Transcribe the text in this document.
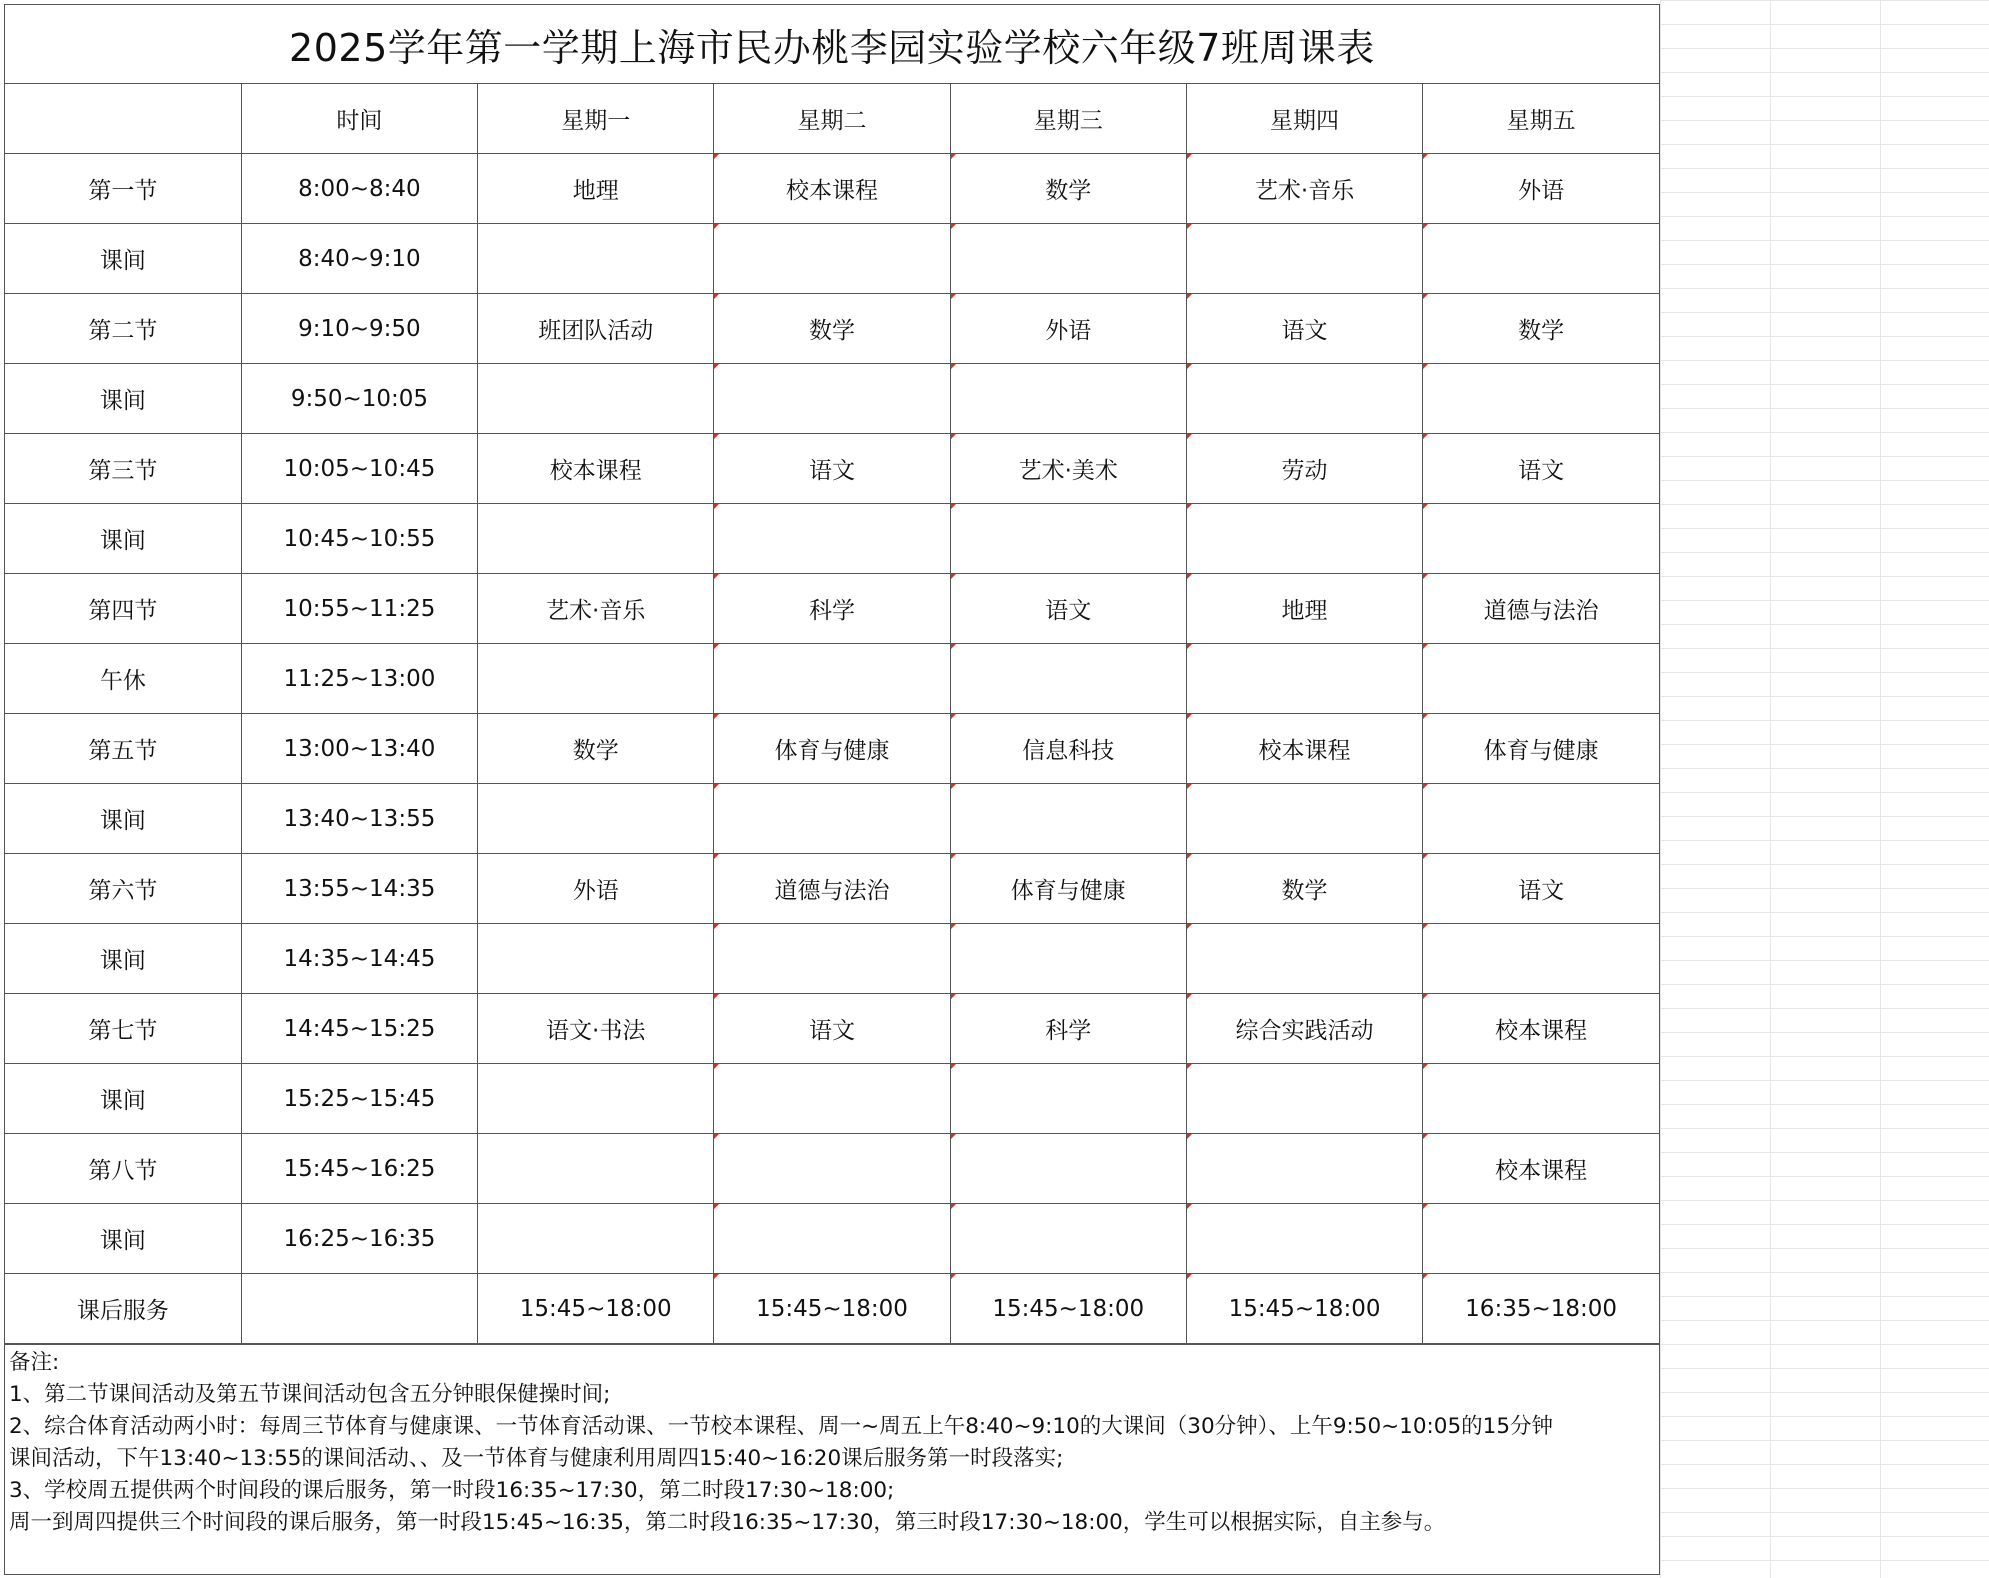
2025学年第一学期上海市民办桃李园实验学校六年级7班周课表
	时间	星期一	星期二	星期三	星期四	星期五
第一节	8:00~8:40	地理	校本课程	数学	艺术·音乐	外语
课间	8:40~9:10					
第二节	9:10~9:50	班团队活动	数学	外语	语文	数学
课间	9:50~10:05					
第三节	10:05~10:45	校本课程	语文	艺术·美术	劳动	语文
课间	10:45~10:55					
第四节	10:55~11:25	艺术·音乐	科学	语文	地理	道德与法治
午休	11:25~13:00					
第五节	13:00~13:40	数学	体育与健康	信息科技	校本课程	体育与健康
课间	13:40~13:55					
第六节	13:55~14:35	外语	道德与法治	体育与健康	数学	语文
课间	14:35~14:45					
第七节	14:45~15:25	语文·书法	语文	科学	综合实践活动	校本课程
课间	15:25~15:45					
第八节	15:45~16:25					校本课程
课间	16:25~16:35					
课后服务		15:45~18:00	15:45~18:00	15:45~18:00	15:45~18:00	16:35~18:00
备注:
1、第二节课间活动及第五节课间活动包含五分钟眼保健操时间;
2、综合体育活动两小时：每周三节体育与健康课、一节体育活动课、一节校本课程、周一~周五上午8:40~9:10的大课间（30分钟）、上午9:50~10:05的15分钟
课间活动，下午13:40~13:55的课间活动、、及一节体育与健康利用周四15:40~16:20课后服务第一时段落实;
3、学校周五提供两个时间段的课后服务，第一时段16:35~17:30，第二时段17:30~18:00;
周一到周四提供三个时间段的课后服务，第一时段15:45~16:35，第二时段16:35~17:30，第三时段17:30~18:00，学生可以根据实际，自主参与。
